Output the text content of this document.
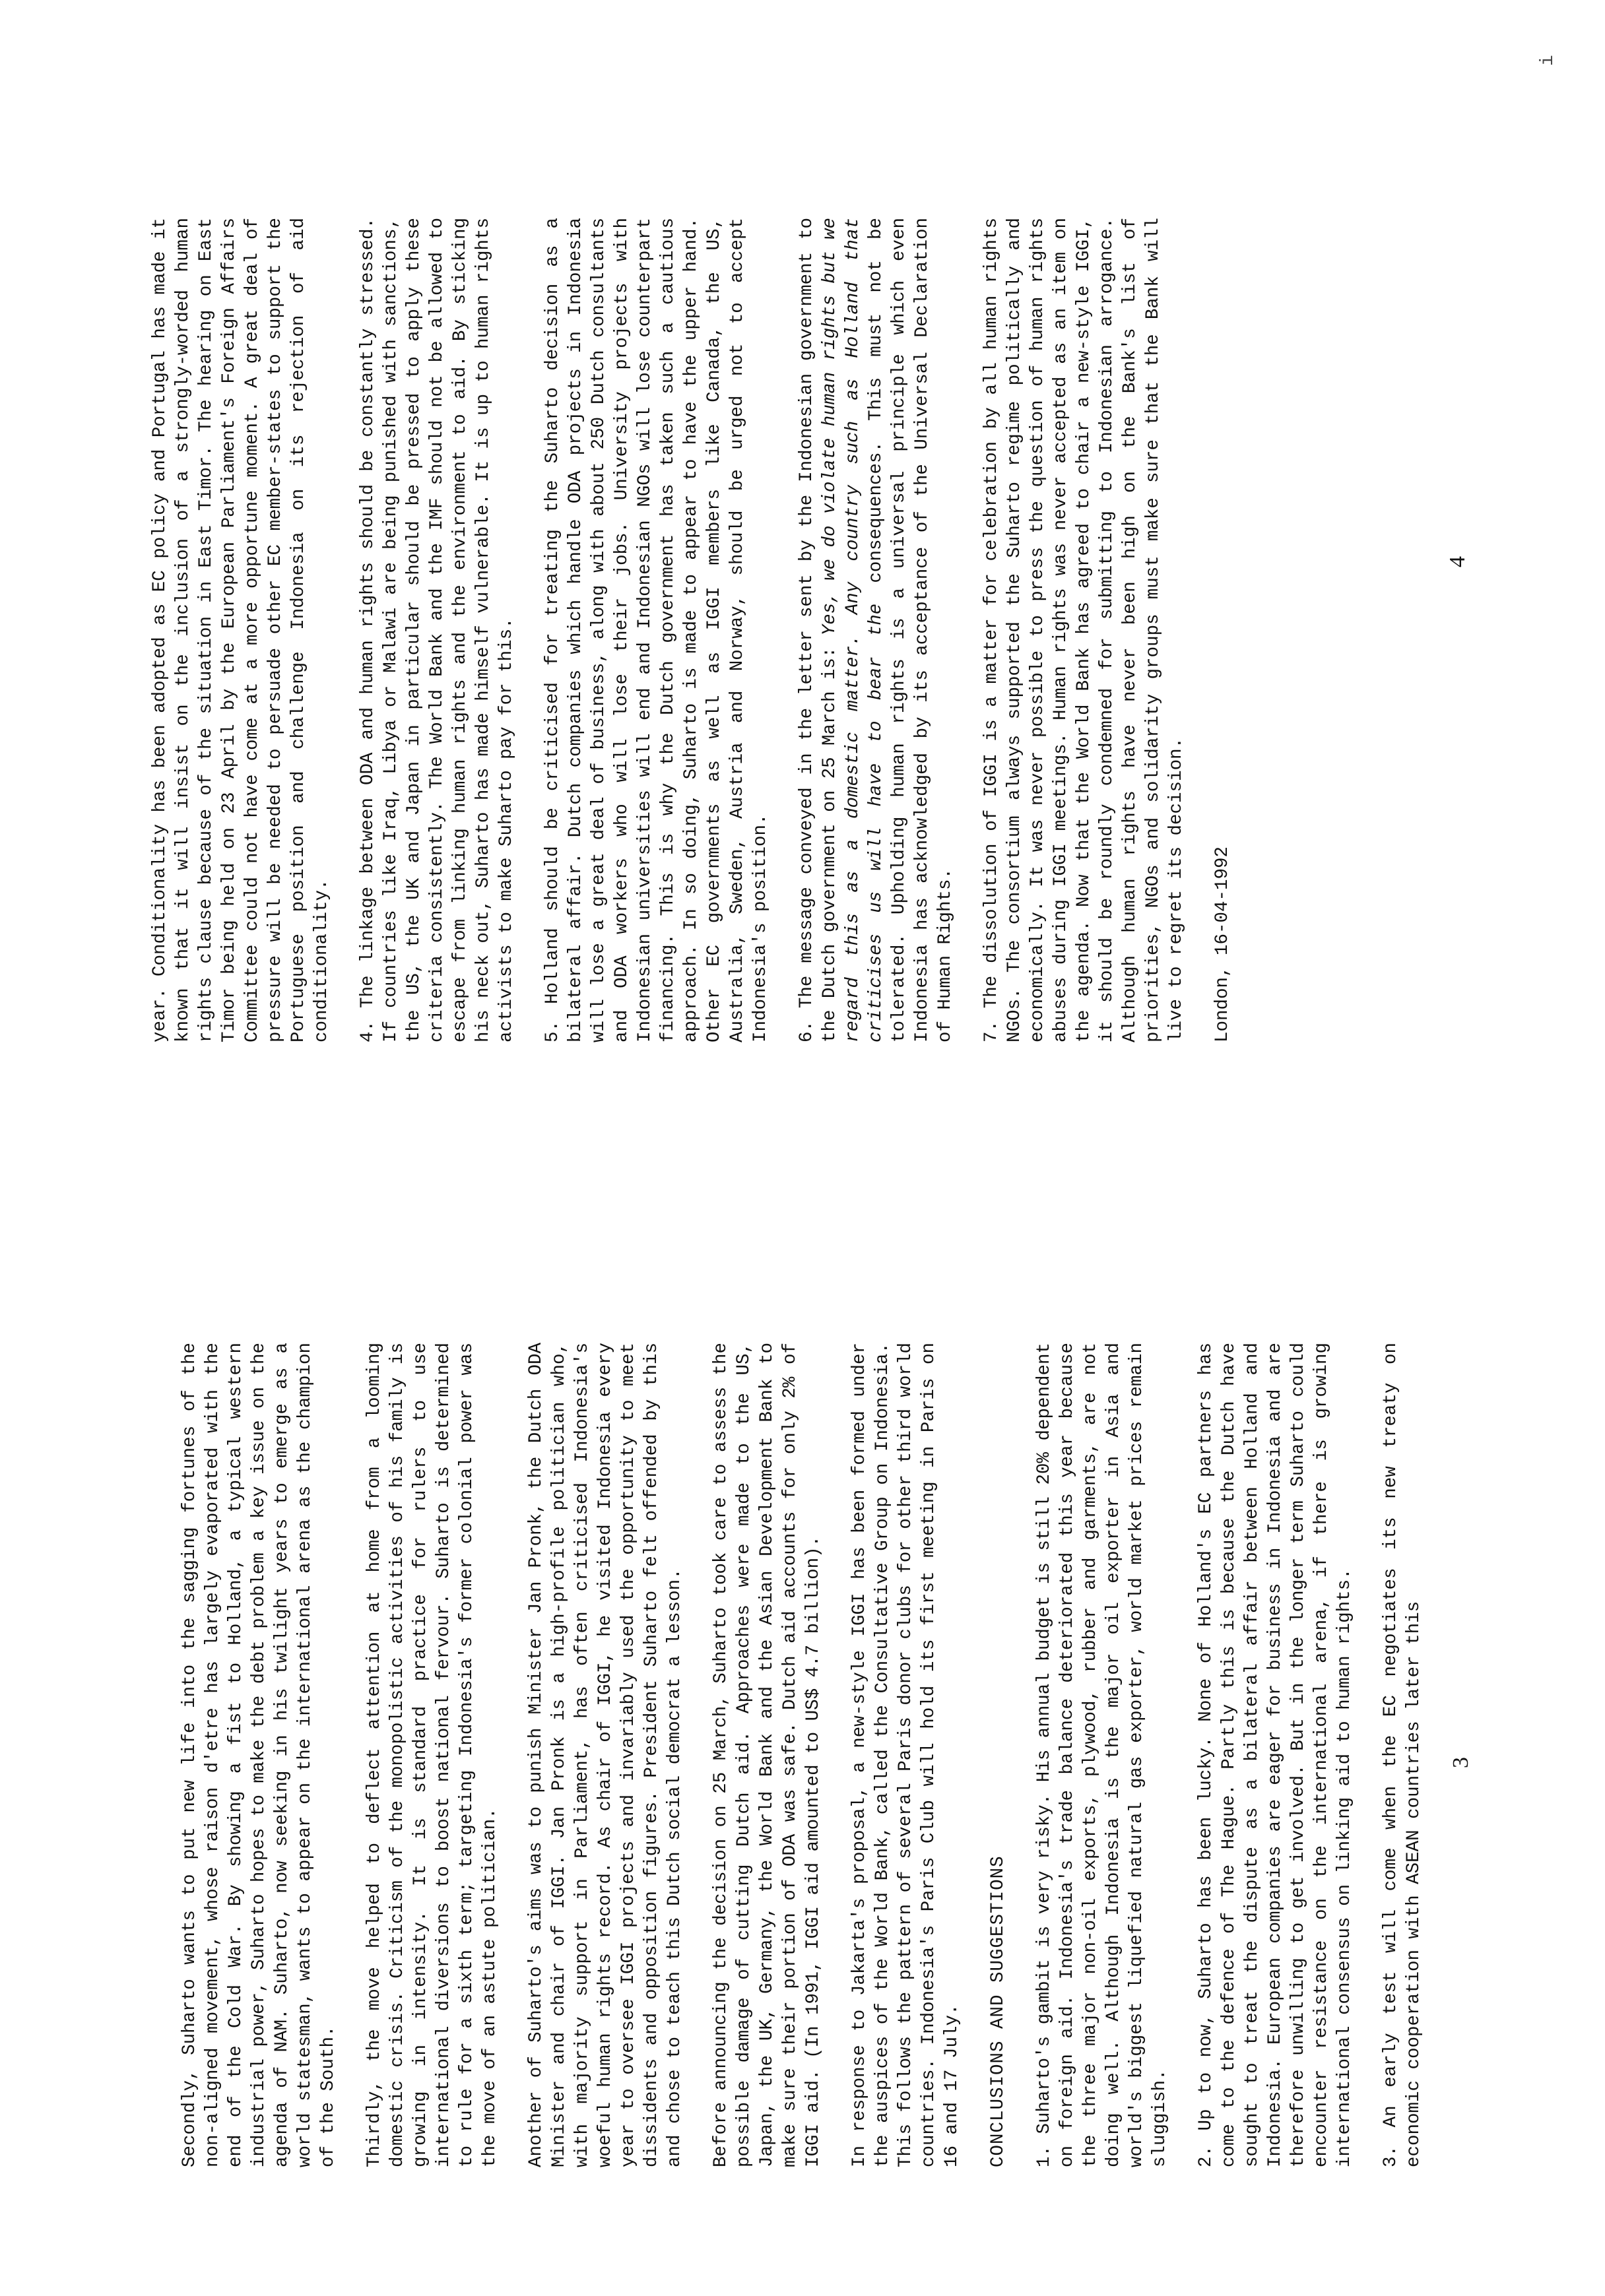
Secondly, Suharto wants to put new life into the sagging fortunes of the non-aligned movement, whose raison d'etre has largely evaporated with the end of the Cold War. By showing a fist to Holland, a typical western industrial power, Suharto hopes to make the debt problem a key issue on the agenda of NAM. Suharto, now seeking in his twilight years to emerge as a world statesman, wants to appear on the international arena as the champion of the South. Thirdly, the move helped to deflect attention at home from a looming domestic crisis. Criticism of the monopolistic activities of his family is growing in intensity. It is standard practice for rulers to use international diversions to boost national fervour. Suharto is determined to rule for a sixth term; targeting Indonesia's former colonial power was the move of an astute politician. Another of Suharto's aims was to punish Minister Jan Pronk, the Dutch ODA Minister and chair of IGGI. Jan Pronk is a high-profile politician who, with majority support in Parliament, has often criticised Indonesia's woeful human rights record. As chair of IGGI, he visited Indonesia every year to oversee IGGI projects and invariably used the opportunity to meet dissidents and opposition figures. President Suharto felt offended by this and chose to teach this Dutch social democrat a lesson. Before announcing the decision on 25 March, Suharto took care to assess the possible damage of cutting Dutch aid. Approaches were made to the US, Japan, the UK, Germany, the World Bank and the Asian Development Bank to make sure their portion of ODA was safe. Dutch aid accounts for only 2% of IGGI aid. (In 1991, IGGI aid amounted to US$ 4.7 billion). In response to Jakarta's proposal, a new-style IGGI has been formed under the auspices of the World Bank, called the Consultative Group on Indonesia. This follows the pattern of several Paris donor clubs for other third world countries. Indonesia's Paris Club will hold its first meeting in Paris on 16 and 17 July. CONCLUSIONS AND SUGGESTIONS 1. Suharto's gambit is very risky. His annual budget is still 20% dependent on foreign aid. Indonesia's trade balance deteriorated this year because the three major non-oil exports, plywood, rubber and garments, are not doing well. Although Indonesia is the major oil exporter in Asia and world's biggest liquefied natural gas exporter, world market prices remain sluggish. 2. Up to now, Suharto has been lucky. None of Holland's EC partners has come to the defence of The Hague. Partly this is because the Dutch have sought to treat the dispute as a bilateral affair between Holland and Indonesia. European companies are eager for business in Indonesia and are therefore unwilling to get involved. But in the longer term Suharto could encounter resistance on the international arena, if there is growing international consensus on linking aid to human rights. 3. An early test will come when the EC negotiates its new treaty on economic cooperation with ASEAN countries later this 3

year. Conditionality has been adopted as EC policy and Portugal has made it known that it will insist on the inclusion of a strongly-worded human rights clause because of the situation in East Timor. The hearing on East Timor being held on 23 April by the European Parliament's Foreign Affairs Committee could not have come at a more opportune moment. A great deal of pressure will be needed to persuade other EC member-states to support the Portuguese position and challenge Indonesia on its rejection of aid conditionality. 4. The linkage between ODA and human rights should be constantly stressed. If countries like Iraq, Libya or Malawi are being punished with sanctions, the US, the UK and Japan in particular should be pressed to apply these criteria consistently. The World Bank and the IMF should not be allowed to escape from linking human rights and the environment to aid. By sticking his neck out, Suharto has made himself vulnerable. It is up to human rights activists to make Suharto pay for this. 5. Holland should be criticised for treating the Suharto decision as a bilateral affair. Dutch companies which handle ODA projects in Indonesia will lose a great deal of business, along with about 250 Dutch consultants and ODA workers who will lose their jobs. University projects with Indonesian universities will end and Indonesian NGOs will lose counterpart financing. This is why the Dutch government has taken such a cautious approach. In so doing, Suharto is made to appear to have the upper hand. Other EC governments as well as IGGI members like Canada, the US, Australia, Sweden, Austria and Norway, should be urged not to accept Indonesia's position. 6. The message conveyed in the letter sent by the Indonesian government to the Dutch government on 25 March is: Yes, we do violate human rights but we regard this as a domestic matter. Any country such as Holland that criticises us will have to bear the consequences. This must not be tolerated. Upholding human rights is a universal principle which even Indonesia has acknowledged by its acceptance of the Universal Declaration of Human Rights. 7. The dissolution of IGGI is a matter for celebration by all human rights NGOs. The consortium always supported the Suharto regime politically and economically. It was never possible to press the question of human rights abuses during IGGI meetings. Human rights was never accepted as an item on the agenda. Now that the World Bank has agreed to chair a new-style IGGI, it should be roundly condemned for submitting to Indonesian arrogance. Although human rights have never been high on the Bank's list of priorities, NGOs and solidarity groups must make sure that the Bank will live to regret its decision. London, 16-04-1992

4
i
